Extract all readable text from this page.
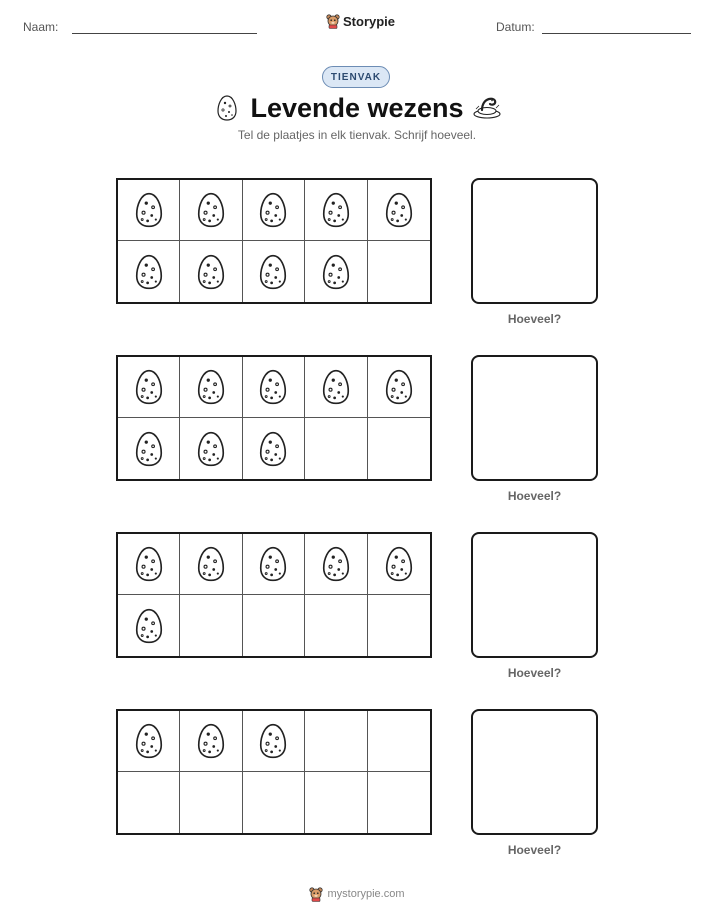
Naam:	Storypie	Datum:
TIENVAK
Levende wezens
Tel de plaatjes in elk tienvak. Schrijf hoeveel.
Hoeveel?
Hoeveel?
Hoeveel?
Hoeveel?
mystorypie.com
